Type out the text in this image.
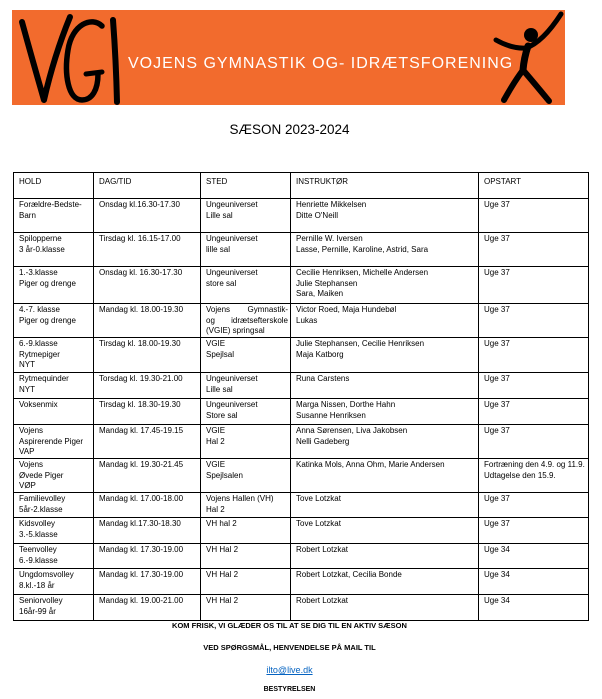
VOJENS GYMNASTIK OG- IDRÆTSFORENING
SÆSON 2023-2024
HOLD	DAG/TID	STED	INSTRUKTØR	OPSTART

Forældre-Bedste-Barn	Onsdag kl.16.30-17.30	Ungeuniverset
Lille sal	Henriette Mikkelsen
Ditte O'Neill	Uge 37

Spilopperne
3 år-0.klasse	Tirsdag kl. 16.15-17.00	Ungeuniverset
lille sal	Pernille W. Iversen
Lasse, Pernille, Karoline, Astrid, Sara	Uge 37

1.-3.klasse
Piger og drenge	Onsdag kl. 16.30-17.30	Ungeuniverset
store sal	Cecilie Henriksen, Michelle Andersen
Julie Stephansen
Sara, Maiken	Uge 37

4.-7. klasse
Piger og drenge	Mandag kl. 18.00-19.30	Vojens Gymnastik-
og idrætsefterskole
(VGIE) springsal	Victor Roed, Maja Hundebøl
Lukas	Uge 37

6.-9.klasse
Rytmepiger
NYT	Tirsdag kl. 18.00-19.30	VGIE
Spejlsal	Julie Stephansen, Cecilie Henriksen
Maja Katborg	Uge 37

Rytmequinder
NYT	Torsdag kl. 19.30-21.00	Ungeuniverset
Lille sal	Runa Carstens	Uge 37

Voksenmix	Tirsdag kl. 18.30-19.30	Ungeuniverset
Store sal	Marga Nissen, Dorthe Hahn
Susanne Henriksen	Uge 37

Vojens
Aspirerende Piger
VAP	Mandag kl. 17.45-19.15	VGIE
Hal 2	Anna Sørensen, Liva Jakobsen
Nelli Gadeberg	Uge 37

Vojens
Øvede Piger
VØP	Mandag kl. 19.30-21.45	VGIE
Spejlsalen	Katinka Mols, Anna Ohm, Marie Andersen	Fortræning den 4.9. og 11.9.
Udtagelse den 15.9.

Familievolley
5år-2.klasse	Mandag kl. 17.00-18.00	Vojens Hallen (VH)
Hal 2	Tove Lotzkat	Uge 37

Kidsvolley
3.-5.klasse	Mandag kl.17.30-18.30	VH hal 2	Tove Lotzkat	Uge 37

Teenvolley
6.-9.klasse	Mandag kl. 17.30-19.00	VH Hal 2	Robert Lotzkat	Uge 34

Ungdomsvolley
8.kl.-18 år	Mandag kl. 17.30-19.00	VH Hal 2	Robert Lotzkat, Cecilia Bonde	Uge 34

Seniorvolley
16år-99 år	Mandag kl. 19.00-21.00	VH Hal 2	Robert Lotzkat	Uge 34
KOM FRISK, VI GLÆDER OS TIL AT SE DIG TIL EN AKTIV SÆSON
VED SPØRGSMÅL, HENVENDELSE PÅ MAIL TIL
ilto@live.dk
BESTYRELSEN
